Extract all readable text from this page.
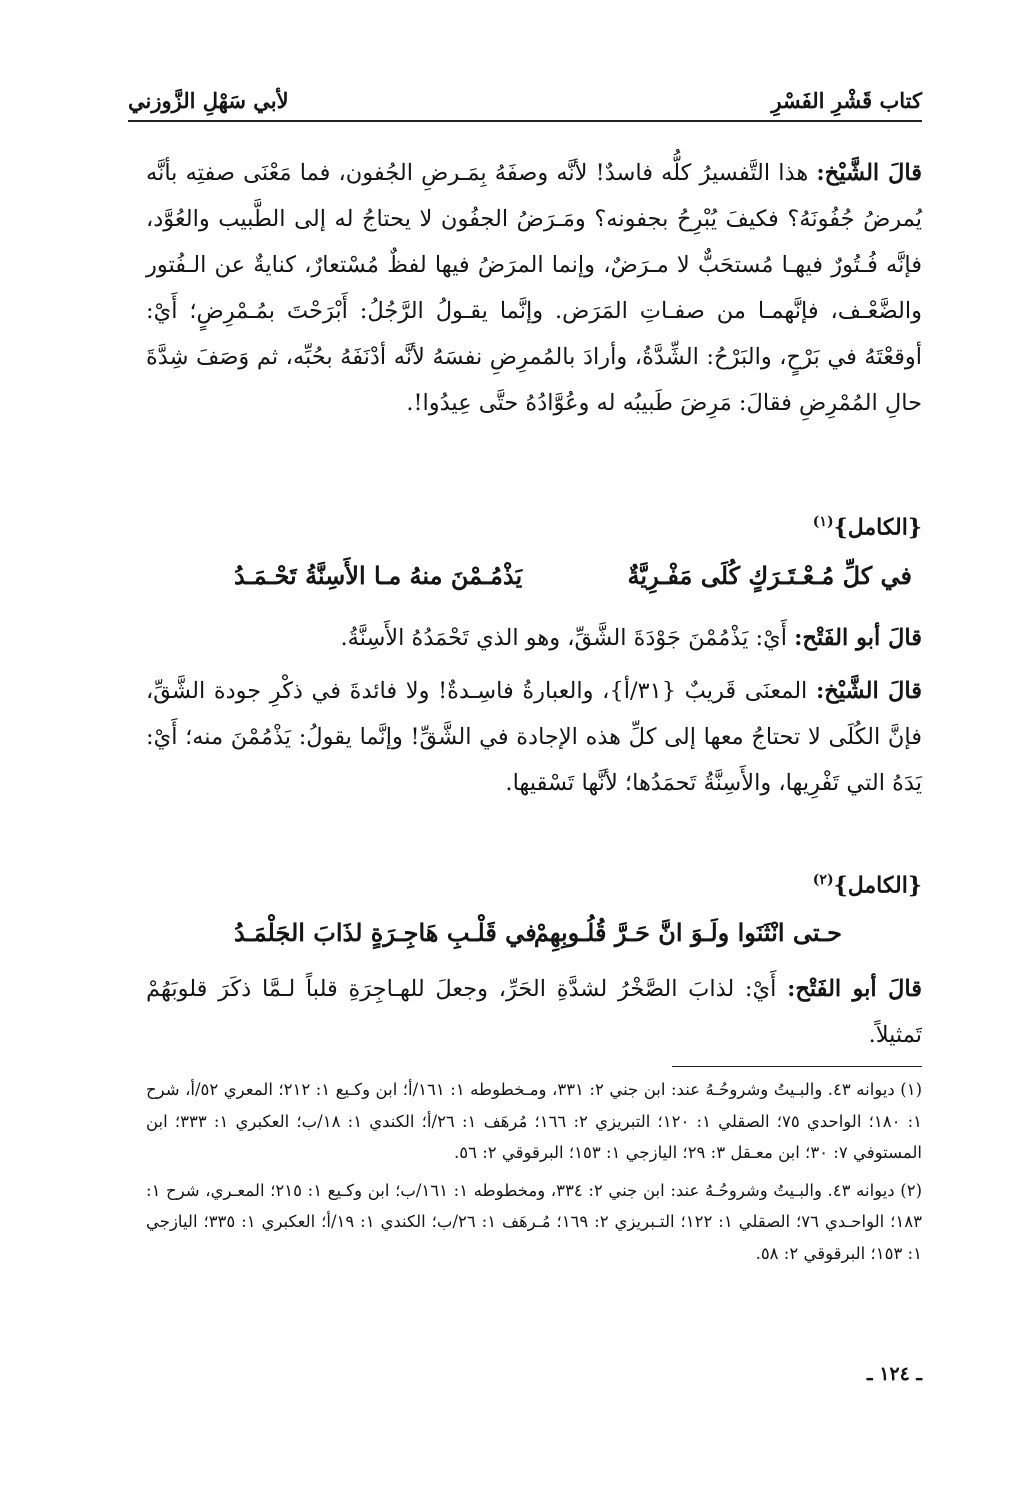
كتاب قَشْرِ الفَسْرِ
لأبي سَهْلِ الزَّوزني

قالَ الشَّيْخ: هذا التَّفسيرُ كلُّه فاسدٌ! لأنَّه وصفَهُ بِمَـرضِ الجُفون، فما مَعْنَى صفتِه بأنَّه يُمرضُ جُفُونَهُ؟ فكيفَ يُبْرِحُ بجفونه؟ ومَـرَضُ الجفُون لا يحتاجُ له إلى الطَّبيب والعُوَّد، فإنَّه فُـتُورٌ فيهـا مُستحَبٌّ لا مـرَضٌ، وإنما المرَضُ فيها لفظٌ مُسْتعارٌ، كنايةٌ عن الـفُتور والضَّعْـف، فإنَّهمـا من صفـاتِ المَرَض. وإنَّما يقـولُ الرَّجُلُ: أَبْرَحْتَ بمُـمْرِضٍ؛ أَيْ: أوقعْتَهُ في بَرْحٍ، والبَرْحُ: الشِّدَّةُ، وأرادَ بالمُمرِضِ نفسَهُ لأنَّه أدْنَفَهُ بحُبِّه، ثم وَصَفَ شِدَّةَ حالِ المُمْرِضِ فقالَ: مَرِضَ طَبيبُه له وعُوَّادُهُ حتَّى عِيدُوا!.

{الكامل}$^{(١)}$
في كلِّ مُـعْـتَـرَكٍ كُلَى مَفْـرِيَّةٌ
يَذْمُـمْنَ منهُ مـا الأَسِنَّةُ تَحْـمَـدُ

قالَ أبو الفَتْح: أَيْ: يَذْمُمْنَ جَوْدَةَ الشَّقِّ، وهو الذي تَحْمَدُهُ الأَسِنَّةُ.

قالَ الشَّيْخ: المعنَى قَريبٌ {٣١/أ}، والعبارةُ فاسِـدةٌ! ولا فائدةَ في ذكْرِ جودة الشَّقِّ، فإنَّ الكُلَى لا تحتاجُ معها إلى كلِّ هذه الإجادة في الشَّقِّ! وإنَّما يقولُ: يَذْمُمْنَ منه؛ أَيْ: يَدَهُ التي تَفْرِيها، والأَسِنَّةُ تَحمَدُها؛ لأنَّها تَسْقيها.

{الكامل}$^{(٢)}$
حـتى انْثَنَوا ولَـوَ انَّ حَـرَّ قُلُـوبِهِمْ
في قَلْـبِ هَاجِـرَةٍ لذَابَ الجَلْمَـدُ

قالَ أبو الفَتْح: أَيْ: لذابَ الصَّخْرُ لشدَّةِ الحَرِّ، وجعلَ للهـاجِرَةِ قلباً لـمَّا ذكَرَ قلوبَهُمْ تَمثيلاً.

(١) ديوانه ٤٣. والبـيتُ وشروحُـهُ عند: ابن جني ٢: ٣٣١، ومـخطوطه ١: ١٦١/أ؛ ابن وكـيع ١: ٢١٢؛ المعري ٥٢/أ، شرح ١: ١٨٠؛ الواحدي ٧٥؛ الصقلي ١: ١٢٠؛ التبريزي ٢: ١٦٦؛ مُرهَف ١: ٢٦/أ؛ الكندي ١: ١٨/ب؛ العكبري ١: ٣٣٣؛ ابن المستوفي ٧: ٣٠؛ ابن معـقل ٣: ٢٩؛ اليازجي ١: ١٥٣؛ البرقوقي ٢: ٥٦.

(٢) ديوانه ٤٣. والبـيتُ وشروحُـهُ عند: ابن جني ٢: ٣٣٤، ومخطوطه ١: ١٦١/ب؛ ابن وكـيع ١: ٢١٥؛ المعـري، شرح ١: ١٨٣؛ الواحـدي ٧٦؛ الصقلي ١: ١٢٢؛ التـبريزي ٢: ١٦٩؛ مُـرهَف ١: ٢٦/ب؛ الكندي ١: ١٩/أ؛ العكبري ١: ٣٣٥؛ اليازجي ١: ١٥٣؛ البرقوقي ٢: ٥٨.

ـ ١٢٤ ـ
